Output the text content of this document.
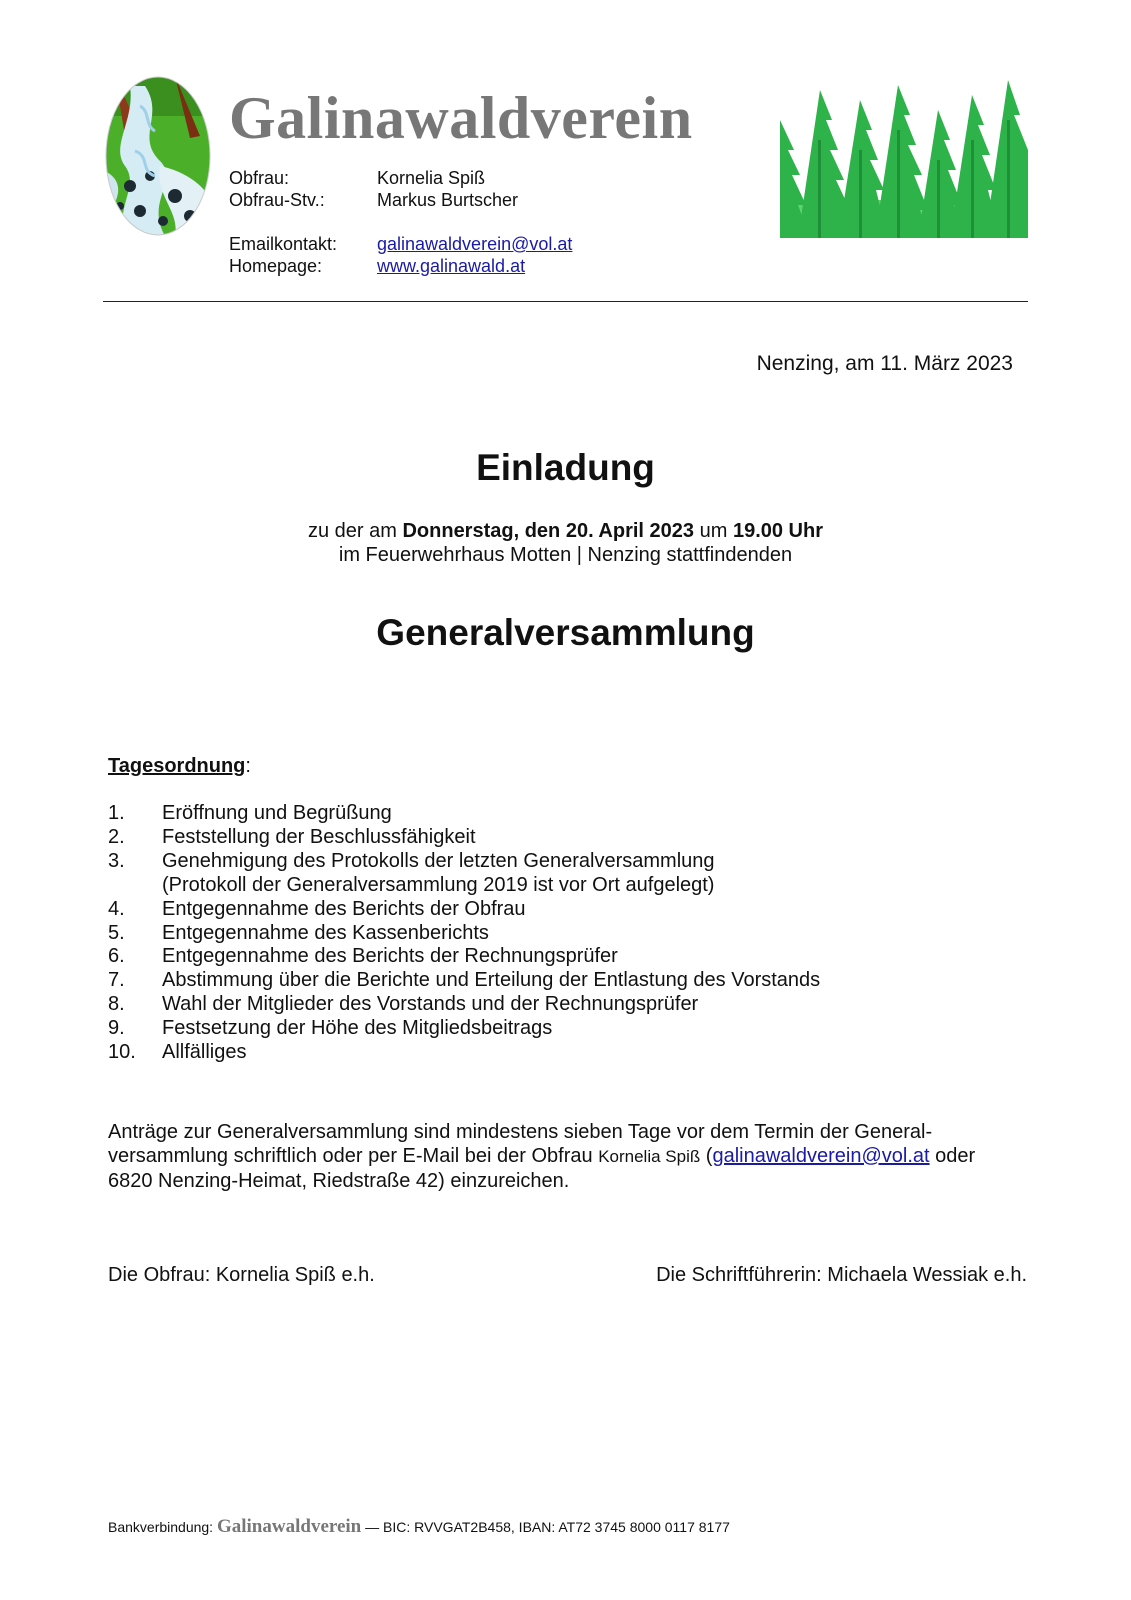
Galinawaldverein
Obfrau:	Kornelia Spiß
Obfrau-Stv.:	Markus Burtscher
Emailkontakt: galinawaldverein@vol.at
Homepage:	www.galinawald.at
Nenzing, am 11. März 2023
Einladung
zu der am Donnerstag, den 20. April 2023 um 19.00 Uhr
im Feuerwehrhaus Motten | Nenzing stattfindenden
Generalversammlung
Tagesordnung:
1. Eröffnung und Begrüßung
2. Feststellung der Beschlussfähigkeit
3. Genehmigung des Protokolls der letzten Generalversammlung
(Protokoll der Generalversammlung 2019 ist vor Ort aufgelegt)
4. Entgegennahme des Berichts der Obfrau
5. Entgegennahme des Kassenberichts
6. Entgegennahme des Berichts der Rechnungsprüfer
7. Abstimmung über die Berichte und Erteilung der Entlastung des Vorstands
8. Wahl der Mitglieder des Vorstands und der Rechnungsprüfer
9. Festsetzung der Höhe des Mitgliedsbeitrags
10. Allfälliges
Anträge zur Generalversammlung sind mindestens sieben Tage vor dem Termin der General-
versammlung schriftlich oder per E-Mail bei der Obfrau Kornelia Spiß (galinawaldverein@vol.at oder
6820 Nenzing-Heimat, Riedstraße 42) einzureichen.
Die Obfrau: Kornelia Spiß e.h.	Die Schriftführerin: Michaela Wessiak e.h.
Bankverbindung: Galinawaldverein — BIC: RVVGAT2B458, IBAN: AT72 3745 8000 0117 8177
